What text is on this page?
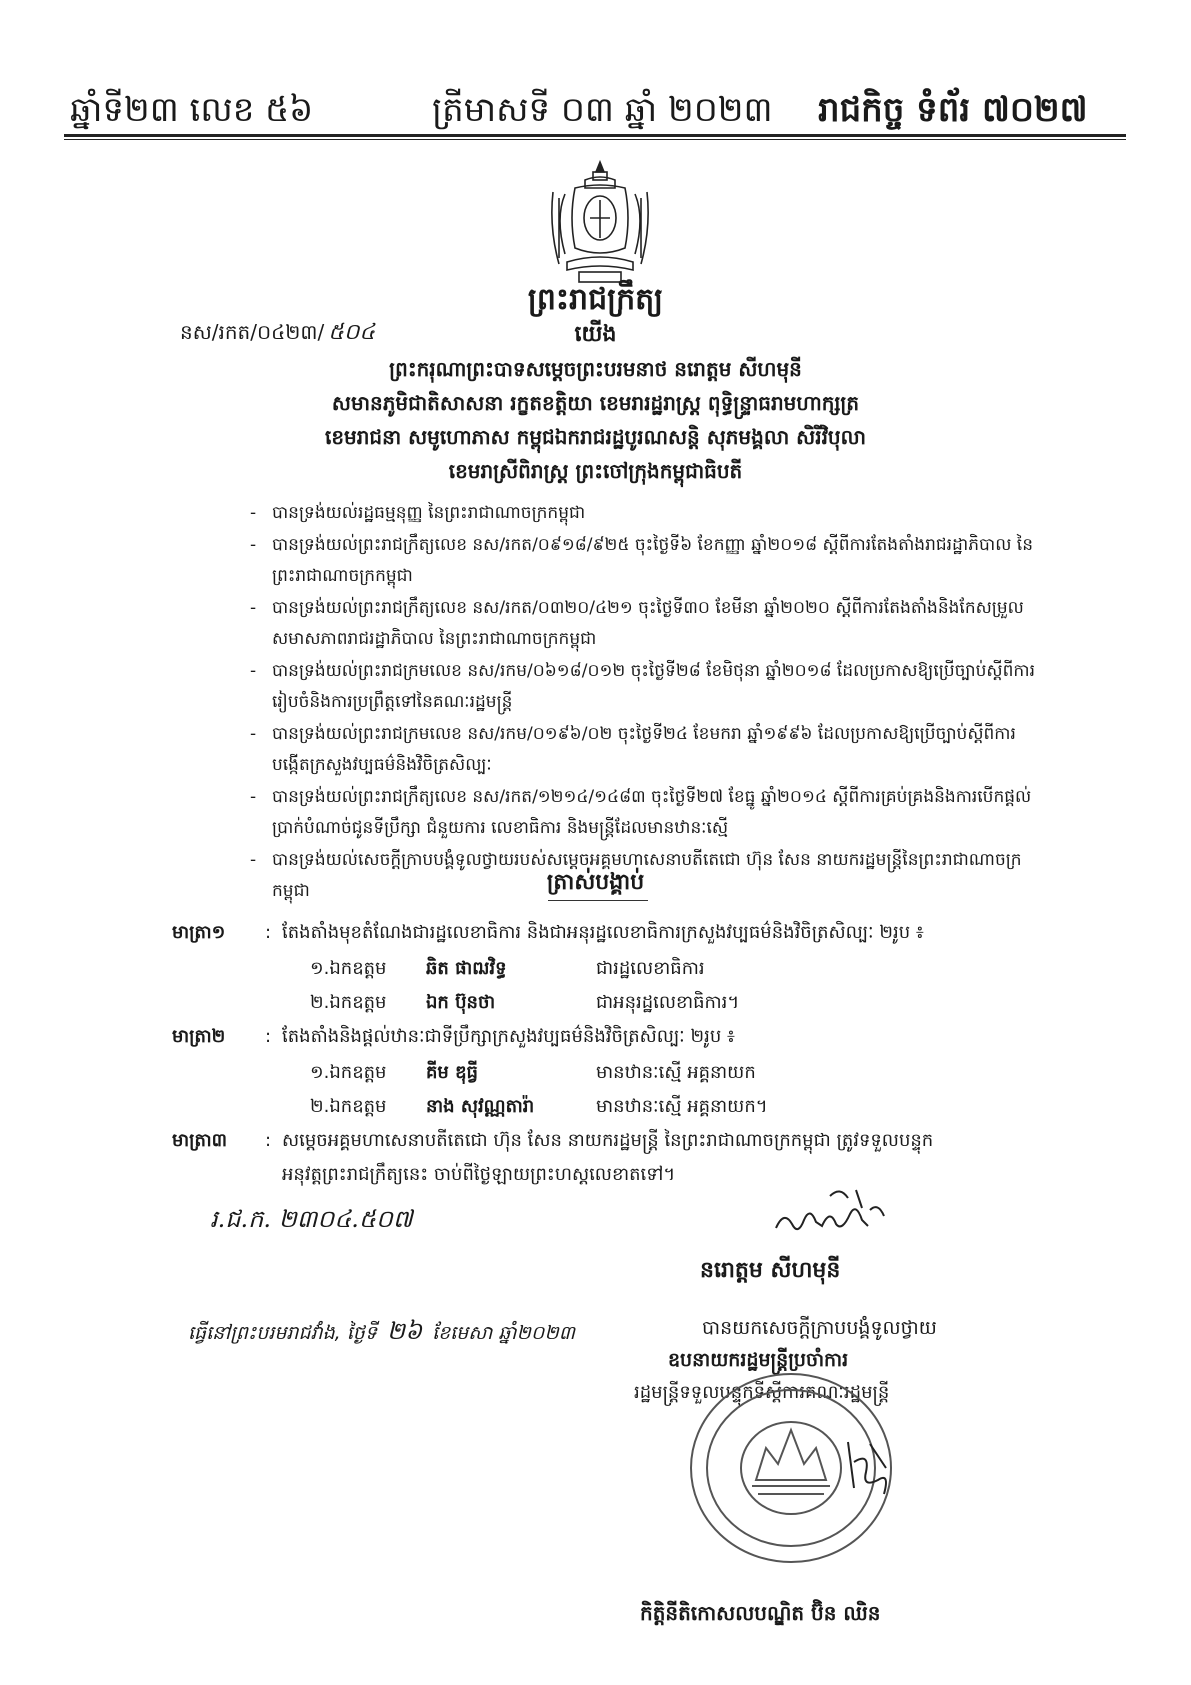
ឆ្នាំទី២៣ លេខ ៥៦	ត្រីមាសទី ០៣ ឆ្នាំ ២០២៣ រាជកិច្ច ទំព័រ ៧០២៧
ព្រះរាជក្រឹត្យ
នស/រកត/០៤២៣/ ៥០៤	យើង
ព្រះករុណាព្រះបាទសម្តេចព្រះបរមនាថ នរោត្តម សីហមុនី
សមានភូមិជាតិសាសនា រក្ខតខត្តិយា ខេមរារដ្ឋរាស្ត្រ ពុទ្ធិន្ទ្រាធរាមហាក្សត្រ
ខេមរាជនា សមូហោភាស កម្ពុជឯករាជរដ្ឋបូរណសន្តិ សុភមង្គលា សិរីវិបុលា
ខេមរាស្រីពិរាស្ត្រ ព្រះចៅក្រុងកម្ពុជាធិបតី
- បានទ្រង់យល់រដ្ឋធម្មនុញ្ញ នៃព្រះរាជាណាចក្រកម្ពុជា
- បានទ្រង់យល់ព្រះរាជក្រឹត្យលេខ នស/រកត/០៩១៨/៩២៥ ចុះថ្ងៃទី៦ ខែកញ្ញា ឆ្នាំ២០១៨ ស្តីពីការតែងតាំងរាជរដ្ឋាភិបាល នៃព្រះរាជាណាចក្រកម្ពុជា
- បានទ្រង់យល់ព្រះរាជក្រឹត្យលេខ នស/រកត/០៣២០/៤២១ ចុះថ្ងៃទី៣០ ខែមីនា ឆ្នាំ២០២០ ស្តីពីការតែងតាំងនិងកែសម្រួលសមាសភាពរាជរដ្ឋាភិបាល នៃព្រះរាជាណាចក្រកម្ពុជា
- បានទ្រង់យល់ព្រះរាជក្រមលេខ នស/រកម/០៦១៨/០១២ ចុះថ្ងៃទី២៨ ខែមិថុនា ឆ្នាំ២០១៨ ដែលប្រកាសឱ្យប្រើច្បាប់ស្តីពីការរៀបចំនិងការប្រព្រឹត្តទៅនៃគណៈរដ្ឋមន្ត្រី
- បានទ្រង់យល់ព្រះរាជក្រមលេខ នស/រកម/០១៩៦/០២ ចុះថ្ងៃទី២៤ ខែមករា ឆ្នាំ១៩៩៦ ដែលប្រកាសឱ្យប្រើច្បាប់ស្តីពីការបង្កើតក្រសួងវប្បធម៌និងវិចិត្រសិល្បៈ
- បានទ្រង់យល់ព្រះរាជក្រឹត្យលេខ នស/រកត/១២១៤/១៤៨៣ ចុះថ្ងៃទី២៧ ខែធ្នូ ឆ្នាំ២០១៤ ស្តីពីការគ្រប់គ្រងនិងការបើកផ្តល់ប្រាក់បំណាច់ជូនទីប្រឹក្សា ជំនួយការ លេខាធិការ និងមន្ត្រីដែលមានឋានៈស្មើ
- បានទ្រង់យល់សេចក្តីក្រាបបង្គំទូលថ្វាយរបស់សម្តេចអគ្គមហាសេនាបតីតេជោ ហ៊ុន សែន នាយករដ្ឋមន្ត្រីនៃព្រះរាជាណាចក្រកម្ពុជា	ត្រាស់បង្គាប់
មាត្រា១ : តែងតាំងមុខតំណែងជារដ្ឋលេខាធិការ និងជាអនុរដ្ឋលេខាធិការក្រសួងវប្បធម៌និងវិចិត្រសិល្បៈ ២រូប ៖
១.ឯកឧត្តម ឆិត ផាឍវិទ្ធ	ជារដ្ឋលេខាធិការ
២.ឯកឧត្តម ឯក ប៊ុនថា	ជាអនុរដ្ឋលេខាធិការ។
មាត្រា២ : តែងតាំងនិងផ្តល់ឋានៈជាទីប្រឹក្សាក្រសួងវប្បធម៌និងវិចិត្រសិល្បៈ ២រូប ៖
១.ឯកឧត្តម គីម ឌុធ្វី	មានឋានៈស្មើ អគ្គនាយក
២.ឯកឧត្តម នាង សុវណ្ណតារ៉ា	មានឋានៈស្មើ អគ្គនាយក។
មាត្រា៣ : សម្តេចអគ្គមហាសេនាបតីតេជោ ហ៊ុន សែន នាយករដ្ឋមន្ត្រី នៃព្រះរាជាណាចក្រកម្ពុជា ត្រូវទទួលបន្ទុក
អនុវត្តព្រះរាជក្រឹត្យនេះ ចាប់ពីថ្ងៃឡាយព្រះហស្តលេខាតទៅ។
រ.ជ.ក. ២៣០៤.៥០៧
នរោត្តម សីហមុនី
ធ្វើនៅព្រះបរមរាជវាំង, ថ្ងៃទី ២៦ ខែមេសា ឆ្នាំ២០២៣	បានយកសេចក្តីក្រាបបង្គំទូលថ្វាយ
ឧបនាយករដ្ឋមន្ត្រីប្រចាំការ
រដ្ឋមន្ត្រីទទួលបន្ទុកទីស្តីការគណៈរដ្ឋមន្ត្រី
កិត្តិនីតិកោសលបណ្ឌិត ប៊ិន ឈិន
